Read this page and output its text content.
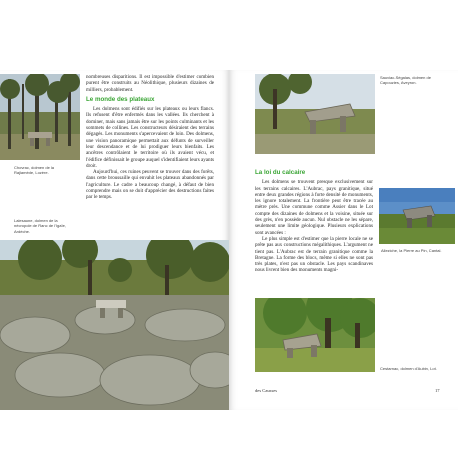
Chovrac, dolmen de la Rajlamède, Lozère.

nombreuses disparitions. Il est impossible d'estimer combien purent être construits au Néolithique, plusieurs dizaines de milliers, probablement.

Le monde des plateaux

Les dolmens sont édifiés sur les plateaux ou leurs flancs. Ils refusent d'être enfermés dans les vallées. Ils cherchent à dominer, mais sans jamais être sur les points culminants et les sommets de collines. Les constructeurs désiraient des terrains dégagés. Les monuments s'apercevaient de loin. Des dolmens, une vision panoramique permettait aux défunts de surveiller leur descendance et de lui prodiguer leurs bienfaits. Les ancêtres contrôlaient le territoire où ils avaient vécu, et l'édifice définissait le groupe auquel s'identifiaient leurs ayants droit.

Aujourd'hui, ces ruines peuvent se trouver dans des forêts, dans cette broussaille qui envahit les plateaux abandonnés par l'agriculture. Le cadre a beaucoup changé, à défaut de bien comprendre mais on se doit d'apprécier des destructions faites par le temps.

Lalesaune, dolmen de la nécropole de Ranc de l'Igaïe, Ardèche.
Sauviac-Ségalas, dolmen de Capouzies, Aveyron.
La loi du calcaire

Les dolmens se trouvent presque exclusivement sur les terrains calcaires. L'Aubrac, pays granitique, situé entre deux grandes régions à forte densité de monuments, les ignore totalement. La frontière peut être tracée au mètre près. Une commune comme Assier dans le Lot compte des dizaines de dolmens et la voisine, située sur des grès, n'en possède aucun. Nul obstacle ne les sépare, seulement une limite géologique. Plusieurs explications sont avancées :

Le plus simple est d'estimer que la pierre locale ne se prête pas aux constructions mégalithiques. L'argument ne tient pas. L'Aubrac est de terrain granitique comme la Bretagne. La forme des blocs, même si elles ne sont pas très plates, n'est pas un obstacle. Les pays scandinaves nous livrent bien des monuments magni-

Alleziche, la Pierre au Pin, Cantal.
Cestarnac, dolmen d'Aubin, Lot.
des Causses	17
